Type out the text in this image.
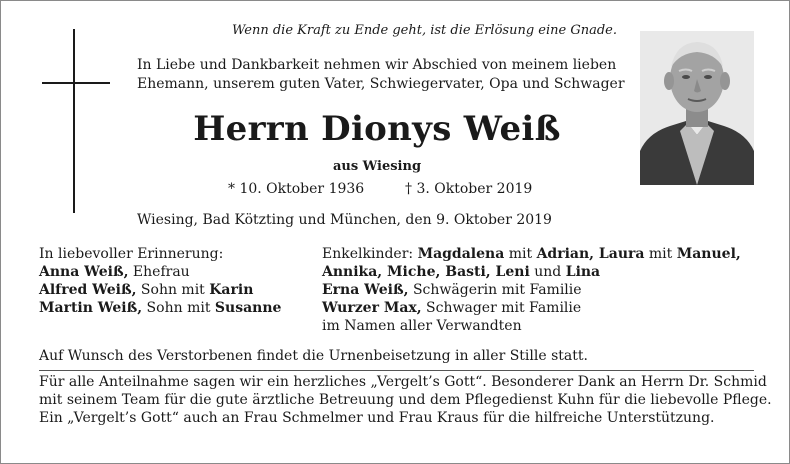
Wenn die Kraft zu Ende geht, ist die Erlösung eine Gnade.
In Liebe und Dankbarkeit nehmen wir Abschied von meinem lieben
Ehemann, unserem guten Vater, Schwiegervater, Opa und Schwager
Herrn Dionys Weiß
aus Wiesing
* 10. Oktober 1936	† 3. Oktober 2019
Wiesing, Bad Kötzting und München, den 9. Oktober 2019
In liebevoller Erinnerung:
Anna Weiß, Ehefrau
Alfred Weiß, Sohn mit Karin
Martin Weiß, Sohn mit Susanne
Enkelkinder: Magdalena mit Adrian, Laura mit Manuel,
Annika, Miche, Basti, Leni und Lina
Erna Weiß, Schwägerin mit Familie
Wurzer Max, Schwager mit Familie
im Namen aller Verwandten
Auf Wunsch des Verstorbenen findet die Urnenbeisetzung in aller Stille statt.
Für alle Anteilnahme sagen wir ein herzliches „Vergelt’s Gott“. Besonderer Dank an Herrn Dr. Schmid
mit seinem Team für die gute ärztliche Betreuung und dem Pflegedienst Kuhn für die liebevolle Pflege.
Ein „Vergelt’s Gott“ auch an Frau Schmelmer und Frau Kraus für die hilfreiche Unterstützung.
